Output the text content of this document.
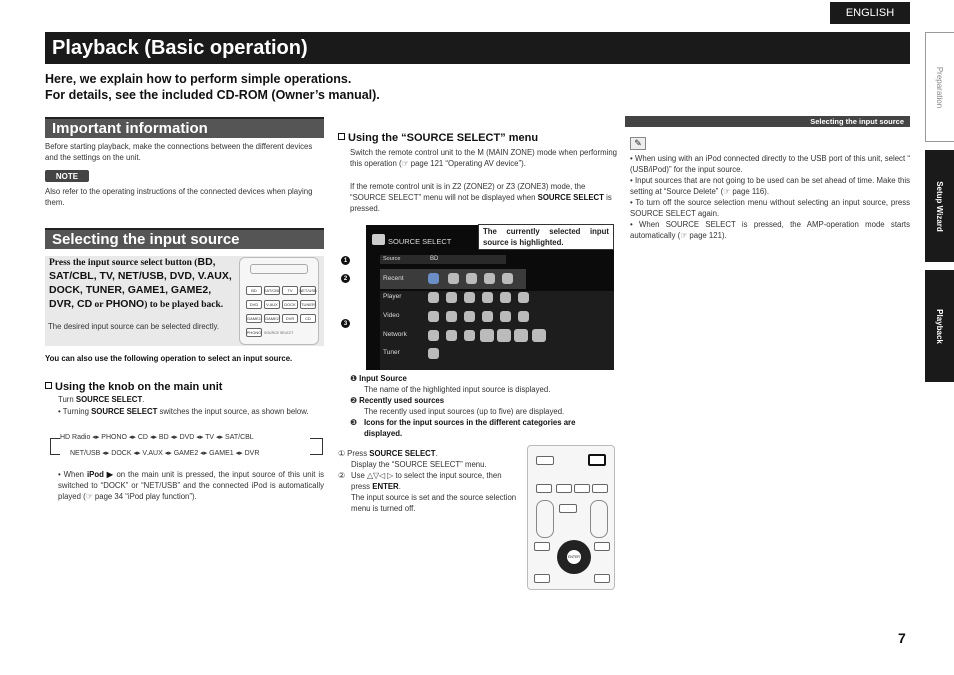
ENGLISH
Playback (Basic operation)
Here, we explain how to perform simple operations.
For details, see the included CD-ROM (Owner’s manual).	Preparation
Setup Wizard
Playback
Important information
Before starting playback, make the connections between the different devices and the settings on the unit.
NOTE
Also refer to the operating instructions of the connected devices when playing them.
Selecting the input source
Press the input source select button (BD, SAT/CBL, TV, NET/USB, DVD, V.AUX, DOCK, TUNER, GAME1, GAME2, DVR, CD or PHONO) to be played back.
The desired input source can be selected directly.
BD	SAT/CBL	TV	NET/USB
DVD	V.AUX	DOCK	TUNER
GAME1 GAME2	DVR	CD
PHONO SOURCE SELECT
You can also use the following operation to select an input source.
Using the knob on the main unit
Turn SOURCE SELECT.
• Turning SOURCE SELECT switches the input source, as shown below.
HD Radio ◂▸ PHONO ◂▸ CD ◂▸ BD ◂▸ DVD ◂▸ TV ◂▸ SAT/CBL
NET/USB ◂▸ DOCK ◂▸ V.AUX ◂▸ GAME2 ◂▸ GAME1 ◂▸ DVR
• When iPod ▶ on the main unit is pressed, the input source of this unit is switched to “DOCK” or “NET/USB” and the connected iPod is automatically played (☞ page 34 “iPod play function”).
Using the “SOURCE SELECT” menu
Switch the remote control unit to the M (MAIN ZONE) mode when performing this operation (☞ page 121 “Operating AV device”).
If the remote control unit is in Z2 (ZONE2) or Z3 (ZONE3) mode, the “SOURCE SELECT” menu will not be displayed when SOURCE SELECT is pressed.
SOURCE SELECT
Source	BD
Recent
Player
Video
Network
Tuner
The currently selected input source is highlighted.
1
2
3
❶ Input Source
The name of the highlighted input source is displayed.
❷ Recently used sources
The recently used input sources (up to five) are displayed.
❸ Icons for the input sources in the different categories are displayed.
① Press SOURCE SELECT.
Display the “SOURCE SELECT” menu.
② Use △▽◁ ▷ to select the input source, then press ENTER.
The input source is set and the source selection menu is turned off.
ENTER
Selecting the input source
✎
• When using with an iPod connected directly to the USB port of this unit, select “ (USB/iPod)” for the input source.
• Input sources that are not going to be used can be set ahead of time. Make this setting at “Source Delete” (☞ page 116).
• To turn off the source selection menu without selecting an input source, press SOURCE SELECT again.
• When SOURCE SELECT is pressed, the AMP-operation mode starts automatically (☞ page 121).
7
